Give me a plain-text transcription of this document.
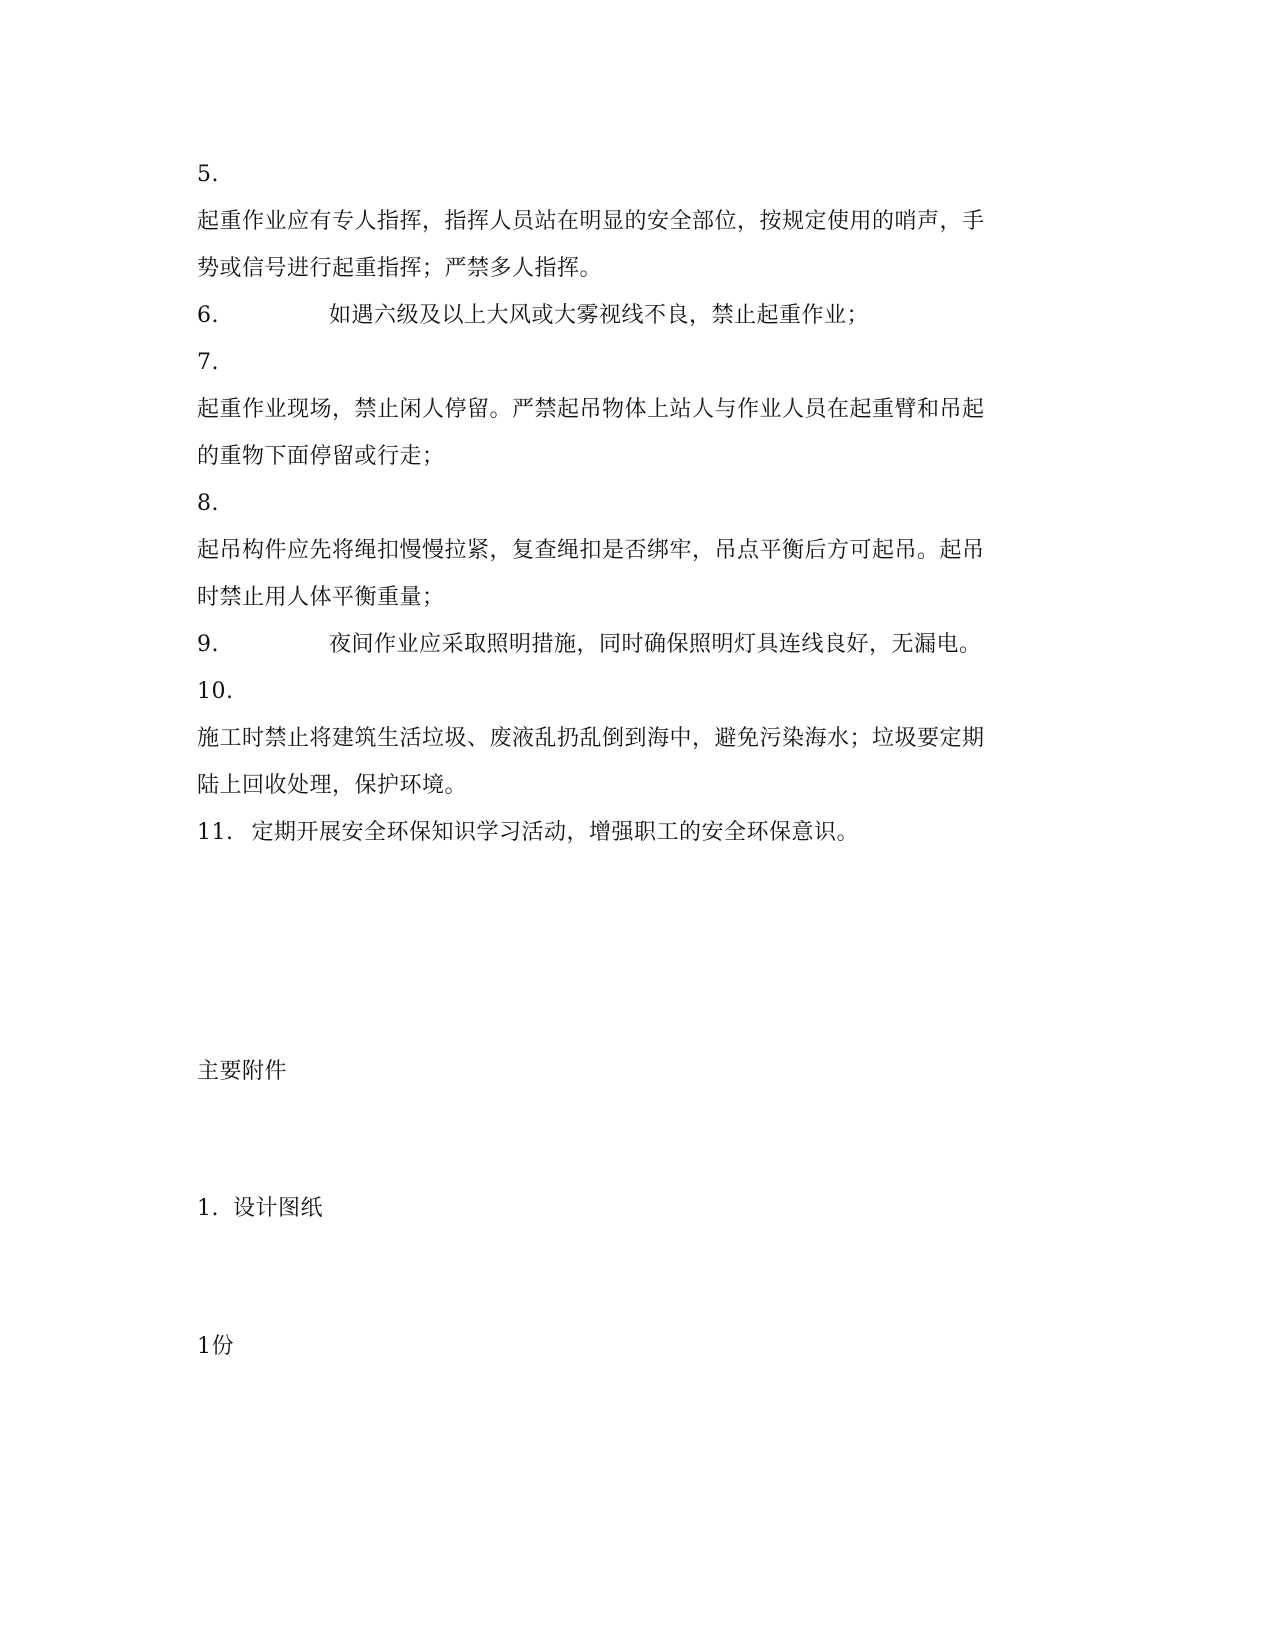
5.
起重作业应有专人指挥，指挥人员站在明显的安全部位，按规定使用的哨声，手
势或信号进行起重指挥；严禁多人指挥。
6.	如遇六级及以上大风或大雾视线不良，禁止起重作业；
7.
起重作业现场，禁止闲人停留。严禁起吊物体上站人与作业人员在起重臂和吊起
的重物下面停留或行走；
8.
起吊构件应先将绳扣慢慢拉紧，复查绳扣是否绑牢，吊点平衡后方可起吊。起吊
时禁止用人体平衡重量；
9.	夜间作业应采取照明措施，同时确保照明灯具连线良好，无漏电。
10.
施工时禁止将建筑生活垃圾、废液乱扔乱倒到海中，避免污染海水；垃圾要定期
陆上回收处理，保护环境。
11. 定期开展安全环保知识学习活动，增强职工的安全环保意识。
主要附件
1. 设计图纸
1份
